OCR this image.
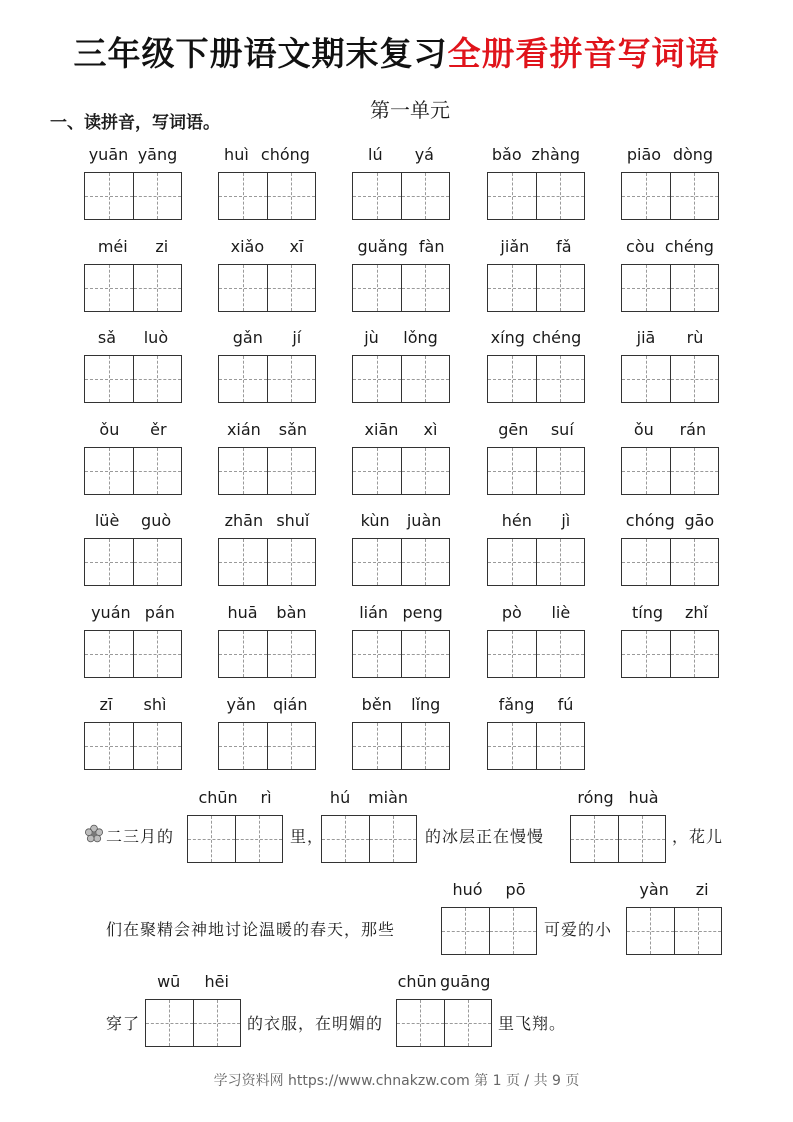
三年级下册语文期末复习全册看拼音写词语
一、读拼音，写词语。
第一单元
yuān yāng	huì chóng	lú yá	bǎo zhàng	piāo dòng
méi zi	xiǎo xī	guǎng fàn	jiǎn fǎ	còu chéng
sǎ luò	gǎn jí	jù lǒng	xíng chéng	jiā rù
ǒu ěr	xián sǎn	xiān xì	gēn suí	ǒu rán
lüè guò	zhān shuǐ	kùn juàn	hén jì	chóng gāo
yuán pán	huā bàn	lián peng	pò liè	tíng zhǐ
zī shì	yǎn qián	běn lǐng	fǎng fú
二三月的
chūn rì
里，
hú miàn
的冰层正在慢慢
róng huà
，花儿
们在聚精会神地讨论温暖的春天，那些
huó pō
可爱的小
yàn zi
穿了
wū hēi
的衣服，在明媚的
chūn guāng
里飞翔。
学习资料网 https://www.chnakzw.com 第 1 页 / 共 9 页
